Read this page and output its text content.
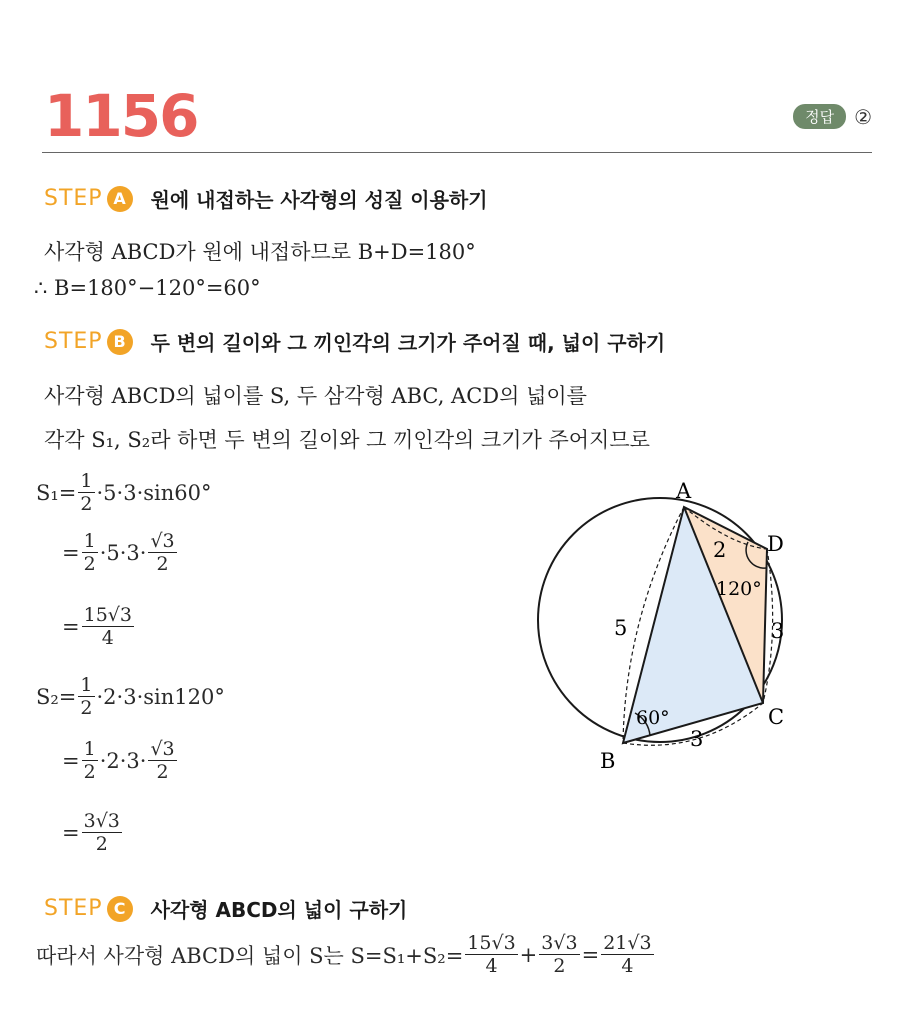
1156	정답	②
STEP A	원에 내접하는 사각형의 성질 이용하기
사각형 ABCD가 원에 내접하므로 B+D=180°
∴ B=180°−120°=60°
STEP B	두 변의 길이와 그 끼인각의 크기가 주어질 때, 넓이 구하기
사각형 ABCD의 넓이를 S, 두 삼각형 ABC, ACD의 넓이를
각각 S₁, S₂라 하면 두 변의 길이와 그 끼인각의 크기가 주어지므로
$S_1= \frac{1}{2} \cdot 5\cdot 3\cdot\sin 60^\circ$
= $\frac{1}{2} \cdot 5\cdot 3\cdot \frac{√3}{2}$
= $\frac{15√3}{4}$
$S_2= \frac{1}{2} \cdot 2\cdot 3\cdot\sin 120^\circ$
= $\frac{1}{2} \cdot 2\cdot 3\cdot \frac{√3}{2}$
= $\frac{3√3}{2}$
A
B
C
D
5
3
3
2
60°
120°
STEP C	사각형 ABCD의 넓이 구하기
따라서 사각형 ABCD의 넓이 S는 $S=S_1+S_2= \frac{15√3}{4} + \frac{3√3}{2} = \frac{21√3}{4}$
